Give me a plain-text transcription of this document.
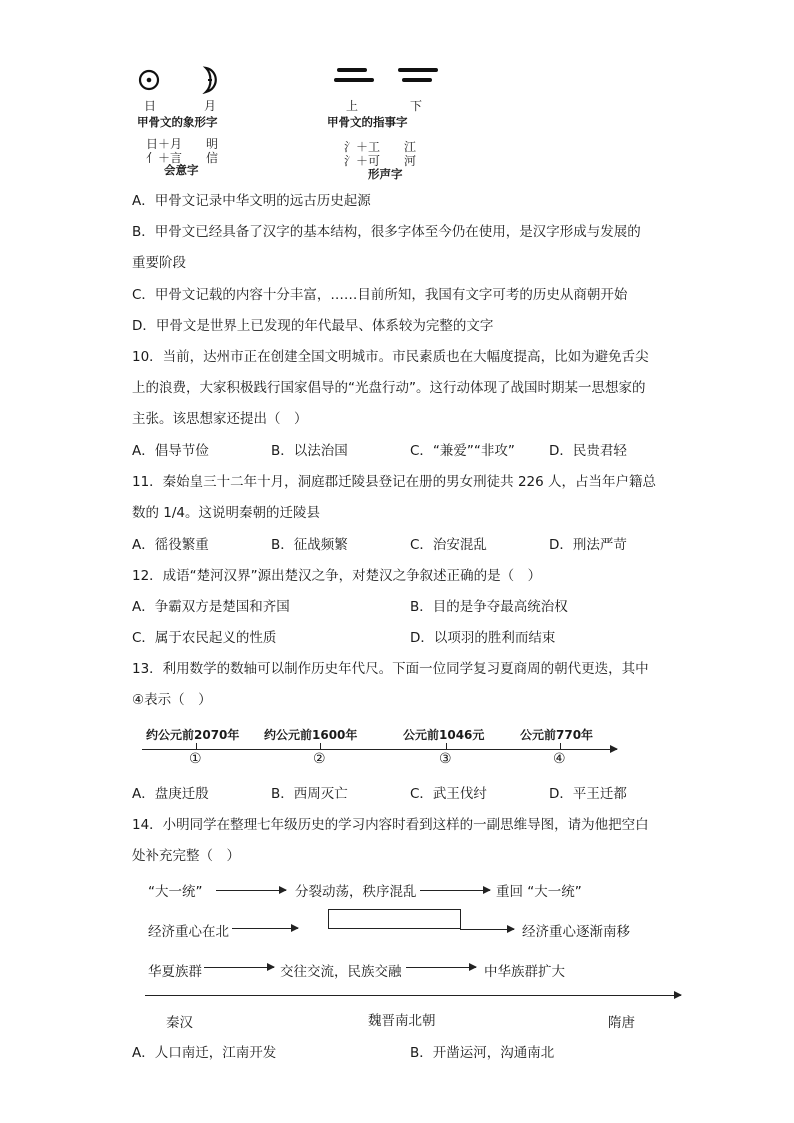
日	月	上	下
甲骨文的象形字	甲骨文的指事字
日＋月　　明
亻＋言　　信
会意字
氵＋工　　江
氵＋可　　河
形声字
A．甲骨文记录中华文明的远古历史起源
B．甲骨文已经具备了汉字的基本结构，很多字体至今仍在使用，是汉字形成与发展的
重要阶段
C．甲骨文记载的内容十分丰富，……目前所知，我国有文字可考的历史从商朝开始
D．甲骨文是世界上已发现的年代最早、体系较为完整的文字
10．当前，达州市正在创建全国文明城市。市民素质也在大幅度提高，比如为避免舌尖
上的浪费，大家积极践行国家倡导的“光盘行动”。这行动体现了战国时期某一思想家的
主张。该思想家还提出（　）
A．倡导节俭	B．以法治国	C．“兼爱”“非攻”	D．民贵君轻
11．秦始皇三十二年十月，洞庭郡迁陵县登记在册的男女刑徒共 226 人，占当年户籍总
数的 1/4。这说明秦朝的迁陵县
A．徭役繁重	B．征战频繁	C．治安混乱	D．刑法严苛
12．成语“楚河汉界”源出楚汉之争，对楚汉之争叙述正确的是（　）
A．争霸双方是楚国和齐国	B．目的是争夺最高统治权
C．属于农民起义的性质	D．以项羽的胜利而结束
13．利用数学的数轴可以制作历史年代尺。下面一位同学复习夏商周的朝代更迭，其中
④表示（　）
约公元前2070年 约公元前1600年	公元前1046元	公元前770年
①	②	③	④
A．盘庚迁殷	B．西周灭亡	C．武王伐纣	D．平王迁都
14．小明同学在整理七年级历史的学习内容时看到这样的一副思维导图，请为他把空白
处补充完整（　）
“大一统”	分裂动荡，秩序混乱	重回 “大一统”
经济重心在北	经济重心逐渐南移
华夏族群	交往交流，民族交融	中华族群扩大
秦汉	魏晋南北朝	隋唐
A．人口南迁，江南开发	B．开凿运河，沟通南北
